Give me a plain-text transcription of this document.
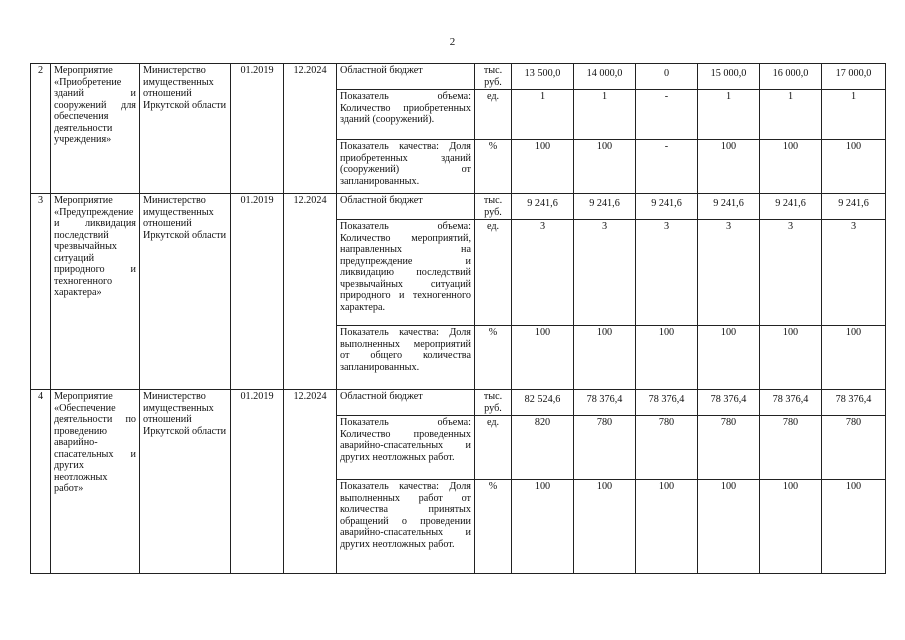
2
2	Мероприятие «Приобретение зданий и сооружений для обеспечения деятельности учреждения»	Министерство имущественных отношений Иркутской области	01.2019	12.2024	Областной бюджет	тыс. руб.	13 500,0	14 000,0	0	15 000,0	16 000,0	17 000,0
					Показатель объема: Количество приобретенных зданий (сооружений).	ед.	1	1	-	1	1	1
					Показатель качества: Доля приобретенных зданий (сооружений) от запланированных.	%	100	100	-	100	100	100
3	Мероприятие «Предупреждение и ликвидация последствий чрезвычайных ситуаций природного и техногенного характера»	Министерство имущественных отношений Иркутской области	01.2019	12.2024	Областной бюджет	тыс. руб.	9 241,6	9 241,6	9 241,6	9 241,6	9 241,6	9 241,6
					Показатель объема: Количество мероприятий, направленных на предупреждение и ликвидацию последствий чрезвычайных ситуаций природного и техногенного характера.	ед.	3	3	3	3	3	3
					Показатель качества: Доля выполненных мероприятий от общего количества запланированных.	%	100	100	100	100	100	100
4	Мероприятие «Обеспечение деятельности по проведению аварийно-спасательных и других неотложных работ»	Министерство имущественных отношений Иркутской области	01.2019	12.2024	Областной бюджет	тыс. руб.	82 524,6	78 376,4	78 376,4	78 376,4	78 376,4	78 376,4
					Показатель объема: Количество проведенных аварийно-спасательных и других неотложных работ.	ед.	820	780	780	780	780	780
					Показатель качества: Доля выполненных работ от количества принятых обращений о проведении аварийно-спасательных и других неотложных работ.	%	100	100	100	100	100	100
